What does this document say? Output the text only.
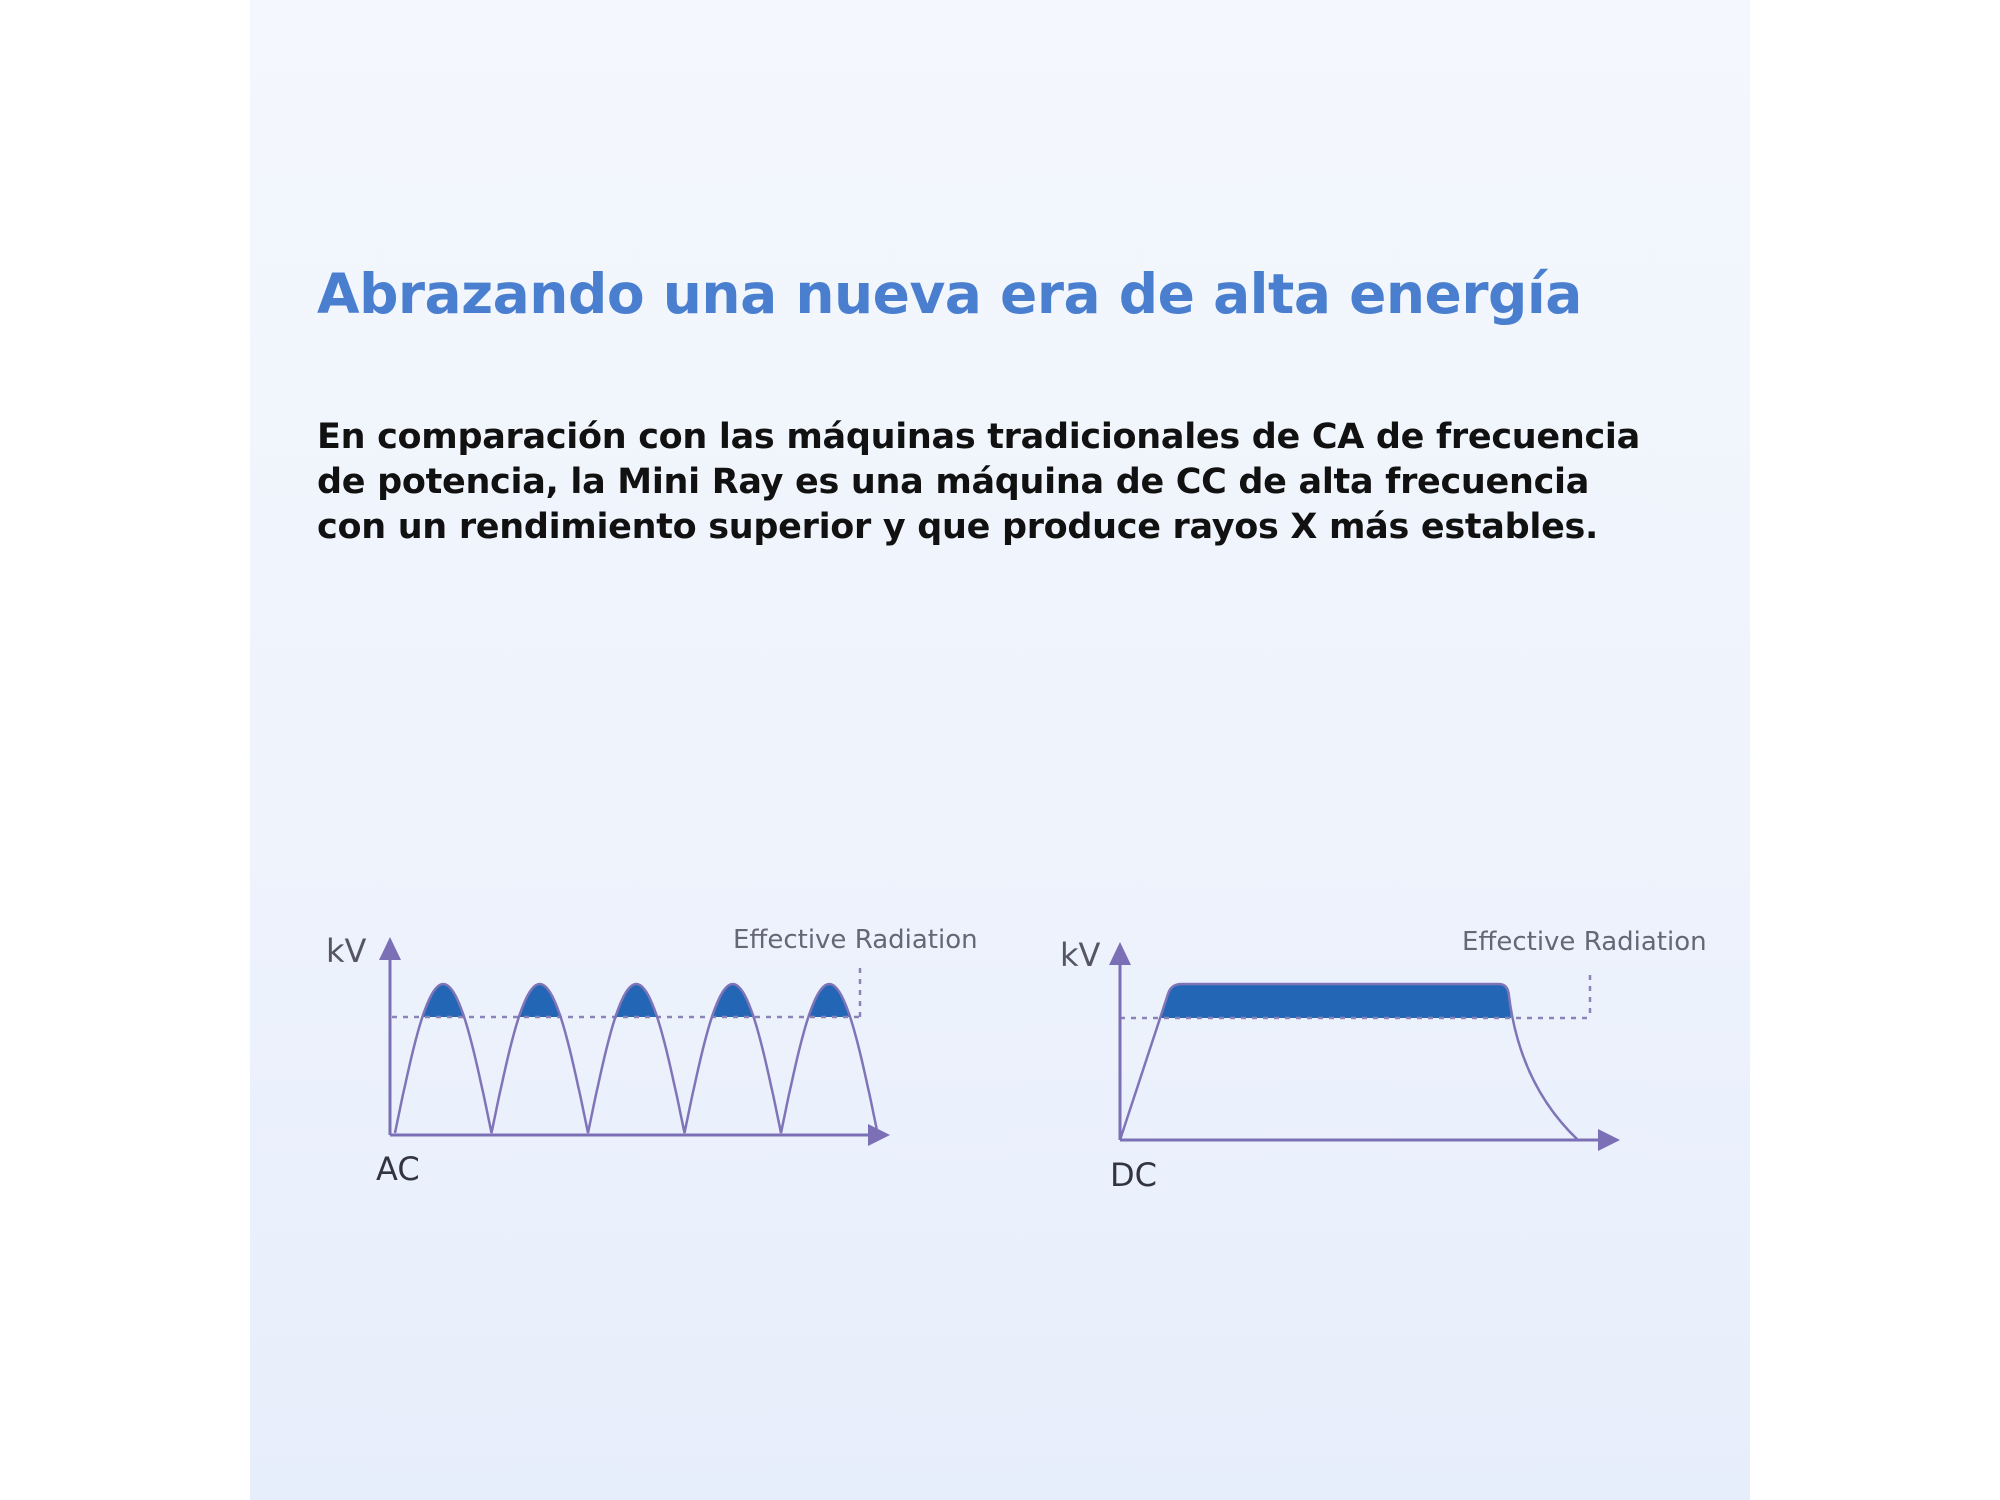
Abrazando una nueva era de alta energía

En comparación con las máquinas tradicionales de CA de frecuencia
de potencia, la Mini Ray es una máquina de CC de alta frecuencia
con un rendimiento superior y que produce rayos X más estables.

kV
AC
Effective Radiation	kV
DC
Effective Radiation
